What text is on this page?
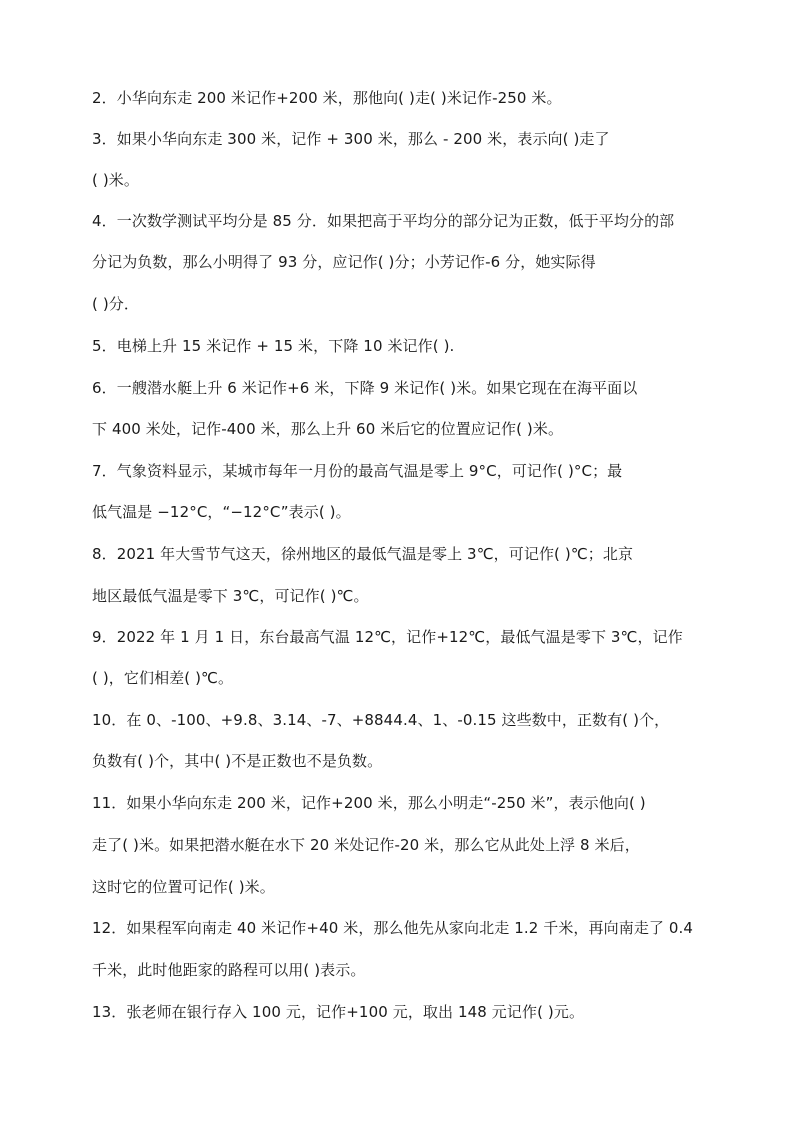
2．小华向东走 200 米记作+200 米，那他向( )走( )米记作-250 米。
3．如果小华向东走 300 米，记作 + 300 米，那么 - 200 米，表示向( )走了
( )米。
4．一次数学测试平均分是 85 分．如果把高于平均分的部分记为正数，低于平均分的部
分记为负数，那么小明得了 93 分，应记作( )分；小芳记作-6 分，她实际得
( )分．
5．电梯上升 15 米记作 + 15 米，下降 10 米记作( ).
6．一艘潜水艇上升 6 米记作+6 米，下降 9 米记作( )米。如果它现在在海平面以
下 400 米处，记作-400 米，那么上升 60 米后它的位置应记作( )米。
7．气象资料显示，某城市每年一月份的最高气温是零上 9°C，可记作( )°C；最
低气温是 −12°C，“−12°C”表示( )。
8．2021 年大雪节气这天，徐州地区的最低气温是零上 3℃，可记作( )℃；北京
地区最低气温是零下 3℃，可记作( )℃。
9．2022 年 1 月 1 日，东台最高气温 12℃，记作+12℃，最低气温是零下 3℃，记作
( )，它们相差( )℃。
10．在 0、-100、+9.8、3.14、-7、+8844.4、1、-0.15 这些数中，正数有( )个，
负数有( )个，其中( )不是正数也不是负数。
11．如果小华向东走 200 米，记作+200 米，那么小明走“-250 米”，表示他向( )
走了( )米。如果把潜水艇在水下 20 米处记作-20 米，那么它从此处上浮 8 米后，
这时它的位置可记作( )米。
12．如果程军向南走 40 米记作+40 米，那么他先从家向北走 1.2 千米，再向南走了 0.4
千米，此时他距家的路程可以用( )表示。
13．张老师在银行存入 100 元，记作+100 元，取出 148 元记作( )元。
